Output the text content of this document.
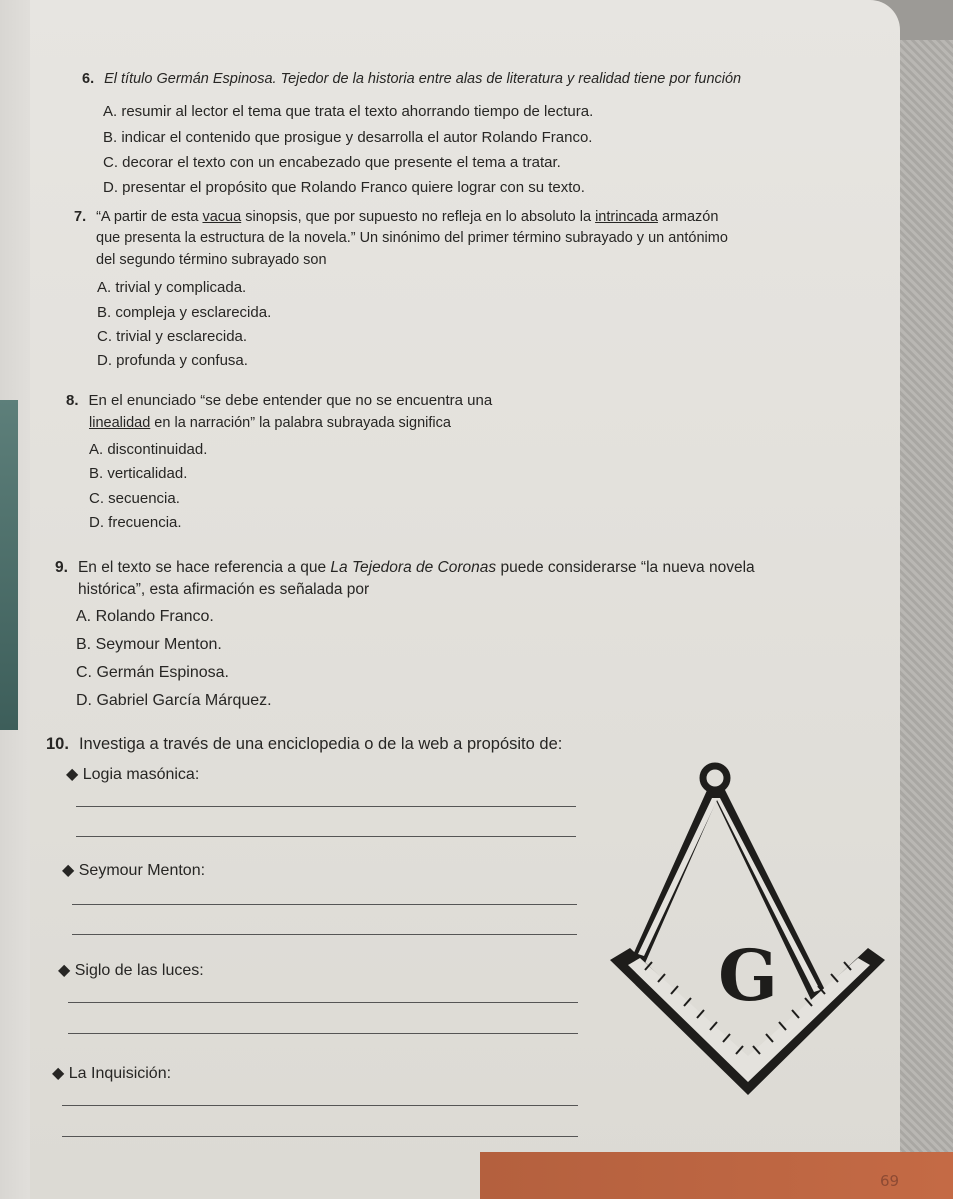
69
6. El título Germán Espinosa. Tejedor de la historia entre alas de literatura y realidad tiene por función
A. resumir al lector el tema que trata el texto ahorrando tiempo de lectura.
B. indicar el contenido que prosigue y desarrolla el autor Rolando Franco.
C. decorar el texto con un encabezado que presente el tema a tratar.
D. presentar el propósito que Rolando Franco quiere lograr con su texto.
7. “A partir de esta vacua sinopsis, que por supuesto no refleja en lo absoluto la intrincada armazón
que presenta la estructura de la novela.” Un sinónimo del primer término subrayado y un antónimo
del segundo término subrayado son
A. trivial y complicada.
B. compleja y esclarecida.
C. trivial y esclarecida.
D. profunda y confusa.
8. En el enunciado “se debe entender que no se encuentra una
linealidad en la narración” la palabra subrayada significa
A. discontinuidad.
B. verticalidad.
C. secuencia.
D. frecuencia.
9. En el texto se hace referencia a que La Tejedora de Coronas puede considerarse “la nueva novela
histórica”, esta afirmación es señalada por
A. Rolando Franco.
B. Seymour Menton.
C. Germán Espinosa.
D. Gabriel García Márquez.
10. Investiga a través de una enciclopedia o de la web a propósito de:
◆ Logia masónica:
◆ Seymour Menton:
◆ Siglo de las luces:
◆ La Inquisición:
G
